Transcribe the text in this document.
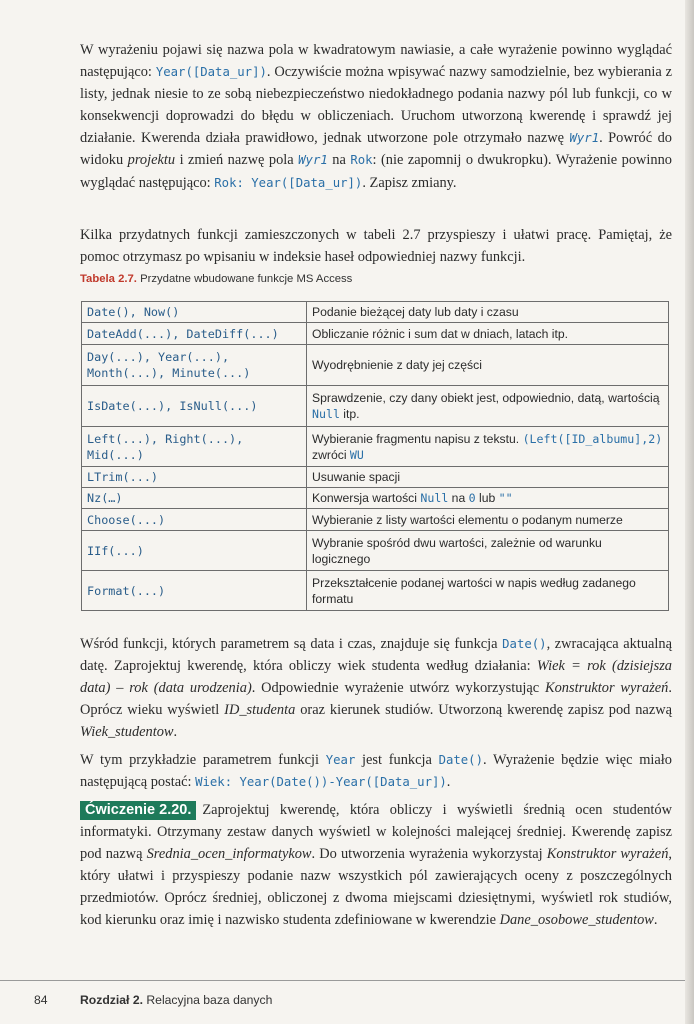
W wyrażeniu pojawi się nazwa pola w kwadratowym nawiasie, a całe wyrażenie powinno wyglądać następująco: Year([Data_ur]). Oczywiście można wpisywać nazwy samodzielnie, bez wybierania z listy, jednak niesie to ze sobą niebezpieczeństwo niedokładnego podania nazwy pól lub funkcji, co w konsekwencji doprowadzi do błędu w obliczeniach. Uruchom utworzoną kwerendę i sprawdź jej działanie. Kwerenda działa prawidłowo, jednak utworzone pole otrzymało nazwę Wyr1. Powróć do widoku projektu i zmień nazwę pola Wyr1 na Rok: (nie zapomnij o dwukropku). Wyrażenie powinno wyglądać następująco: Rok: Year([Data_ur]). Zapisz zmiany.

Kilka przydatnych funkcji zamieszczonych w tabeli 2.7 przyspieszy i ułatwi pracę. Pamiętaj, że pomoc otrzymasz po wpisaniu w indeksie haseł odpowiedniej nazwy funkcji.

Tabela 2.7. Przydatne wbudowane funkcje MS Access
Date(), Now()	Podanie bieżącej daty lub daty i czasu
DateAdd(...), DateDiff(...)	Obliczanie różnic i sum dat w dniach, latach itp.
Day(...), Year(...), Month(...), Minute(...)	Wyodrębnienie z daty jej części
IsDate(...), IsNull(...)	Sprawdzenie, czy dany obiekt jest, odpowiednio, datą, wartością Null itp.
Left(...), Right(...), Mid(...)	Wybieranie fragmentu napisu z tekstu. (Left([ID_albumu],2) zwróci WU
LTrim(...)	Usuwanie spacji
Nz(…)	Konwersja wartości Null na 0 lub ""
Choose(...)	Wybieranie z listy wartości elementu o podanym numerze
IIf(...)	Wybranie spośród dwu wartości, zależnie od warunku logicznego
Format(...)	Przekształcenie podanej wartości w napis według zadanego formatu

Wśród funkcji, których parametrem są data i czas, znajduje się funkcja Date(), zwracająca aktualną datę. Zaprojektuj kwerendę, która obliczy wiek studenta według działania: Wiek = rok (dzisiejsza data) – rok (data urodzenia). Odpowiednie wyrażenie utwórz wykorzystując Konstruktor wyrażeń. Oprócz wieku wyświetl ID_studenta oraz kierunek studiów. Utworzoną kwerendę zapisz pod nazwą Wiek_studentow.

W tym przykładzie parametrem funkcji Year jest funkcja Date(). Wyrażenie będzie więc miało następującą postać: Wiek: Year(Date())-Year([Data_ur]).

Ćwiczenie 2.20. Zaprojektuj kwerendę, która obliczy i wyświetli średnią ocen studentów informatyki. Otrzymany zestaw danych wyświetl w kolejności malejącej średniej. Kwerendę zapisz pod nazwą Srednia_ocen_informatykow. Do utworzenia wyrażenia wykorzystaj Konstruktor wyrażeń, który ułatwi i przyspieszy podanie nazw wszystkich pól zawierających oceny z poszczególnych przedmiotów. Oprócz średniej, obliczonej z dwoma miejscami dziesiętnymi, wyświetl rok studiów, kod kierunku oraz imię i nazwisko studenta zdefiniowane w kwerendzie Dane_osobowe_studentow.

84	Rozdział 2. Relacyjna baza danych
